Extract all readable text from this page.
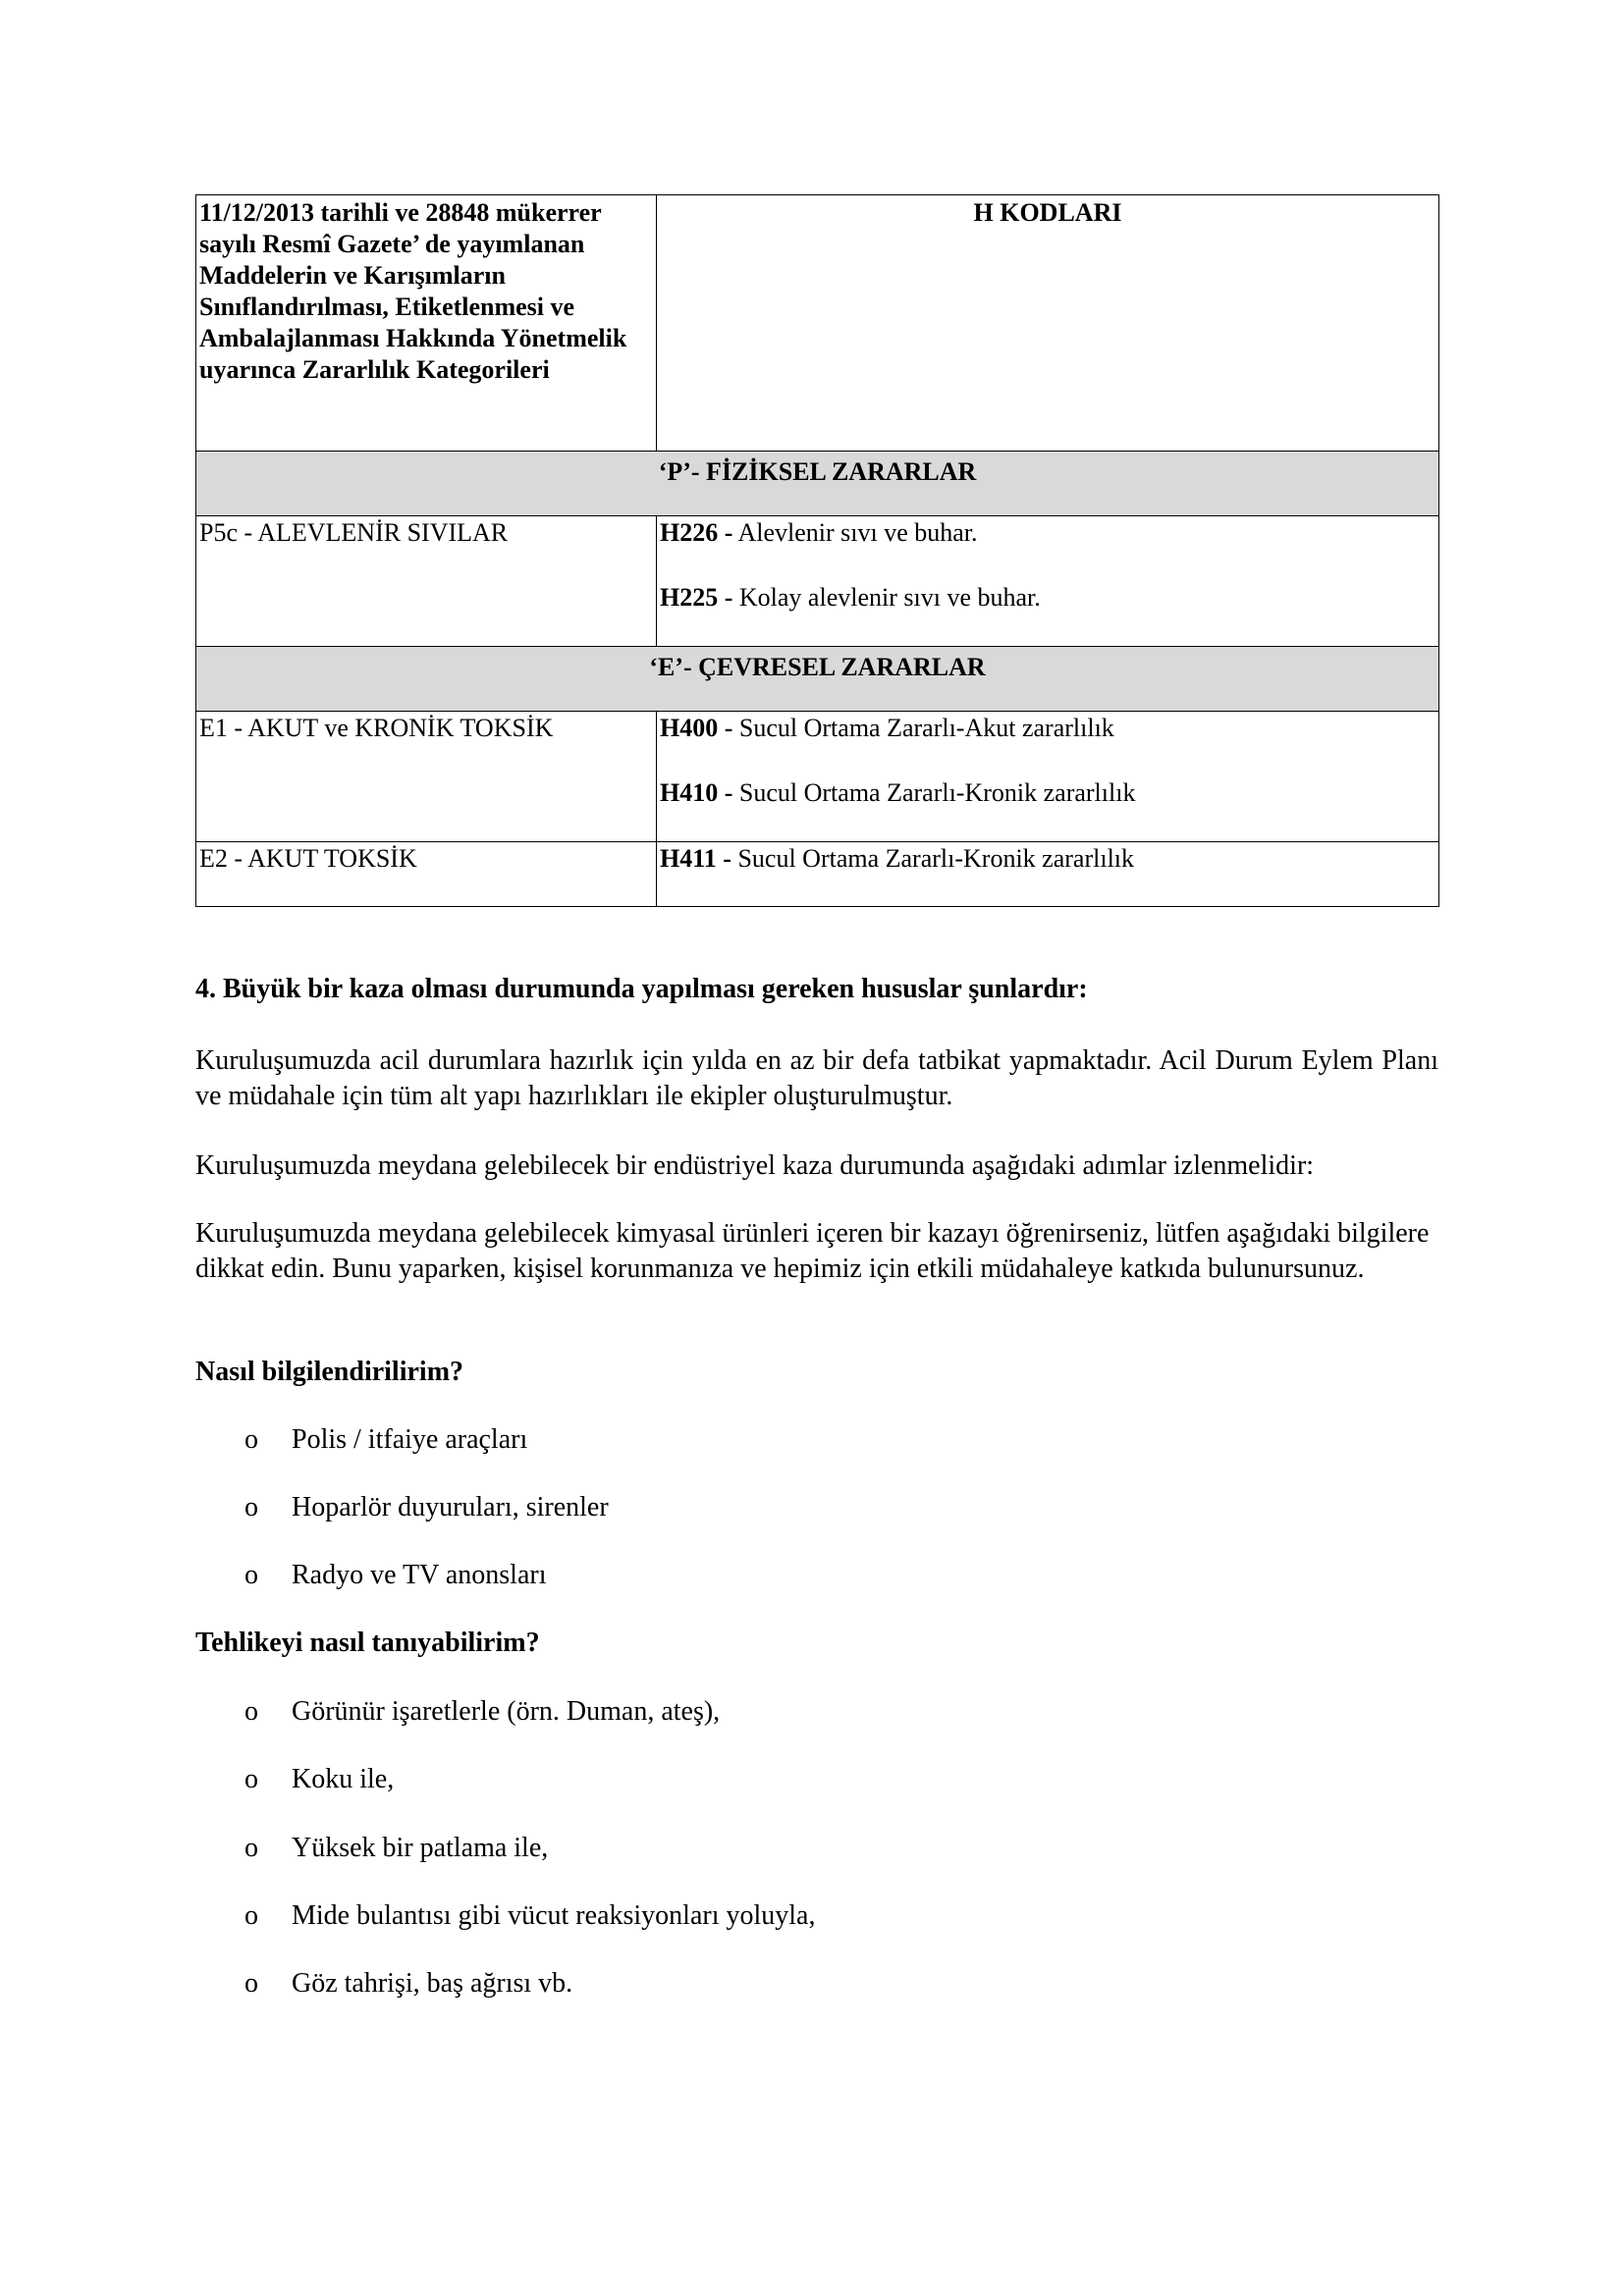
11/12/2013 tarihli ve 28848 mükerrer sayılı Resmî Gazete’ de yayımlanan Maddelerin ve Karışımların Sınıflandırılması, Etiketlenmesi ve Ambalajlanması Hakkında Yönetmelik uyarınca Zararlılık Kategorileri	H KODLARI

‘P’- FİZİKSEL ZARARLAR	

P5c - ALEVLENİR SIVILAR	H226 - Alevlenir sıvı ve buhar.
H225 - Kolay alevlenir sıvı ve buhar.

‘E’- ÇEVRESEL ZARARLAR	

E1 - AKUT ve KRONİK TOKSİK	H400 - Sucul Ortama Zararlı-Akut zararlılık
H410 - Sucul Ortama Zararlı-Kronik zararlılık

E2 - AKUT TOKSİK	H411 - Sucul Ortama Zararlı-Kronik zararlılık
4. Büyük bir kaza olması durumunda yapılması gereken hususlar şunlardır:
Kuruluşumuzda acil durumlara hazırlık için yılda en az bir defa tatbikat yapmaktadır. Acil Durum Eylem Planı ve müdahale için tüm alt yapı hazırlıkları ile ekipler oluşturulmuştur.
Kuruluşumuzda meydana gelebilecek bir endüstriyel kaza durumunda aşağıdaki adımlar izlenmelidir:
Kuruluşumuzda meydana gelebilecek kimyasal ürünleri içeren bir kazayı öğrenirseniz, lütfen aşağıdaki bilgilere dikkat edin. Bunu yaparken, kişisel korunmanıza ve hepimiz için etkili müdahaleye katkıda bulunursunuz.
Nasıl bilgilendirilirim?
o Polis / itfaiye araçları
o Hoparlör duyuruları, sirenler
o Radyo ve TV anonsları
Tehlikeyi nasıl tanıyabilirim?
o Görünür işaretlerle (örn. Duman, ateş),
o Koku ile,
o Yüksek bir patlama ile,
o Mide bulantısı gibi vücut reaksiyonları yoluyla,
o Göz tahrişi, baş ağrısı vb.
